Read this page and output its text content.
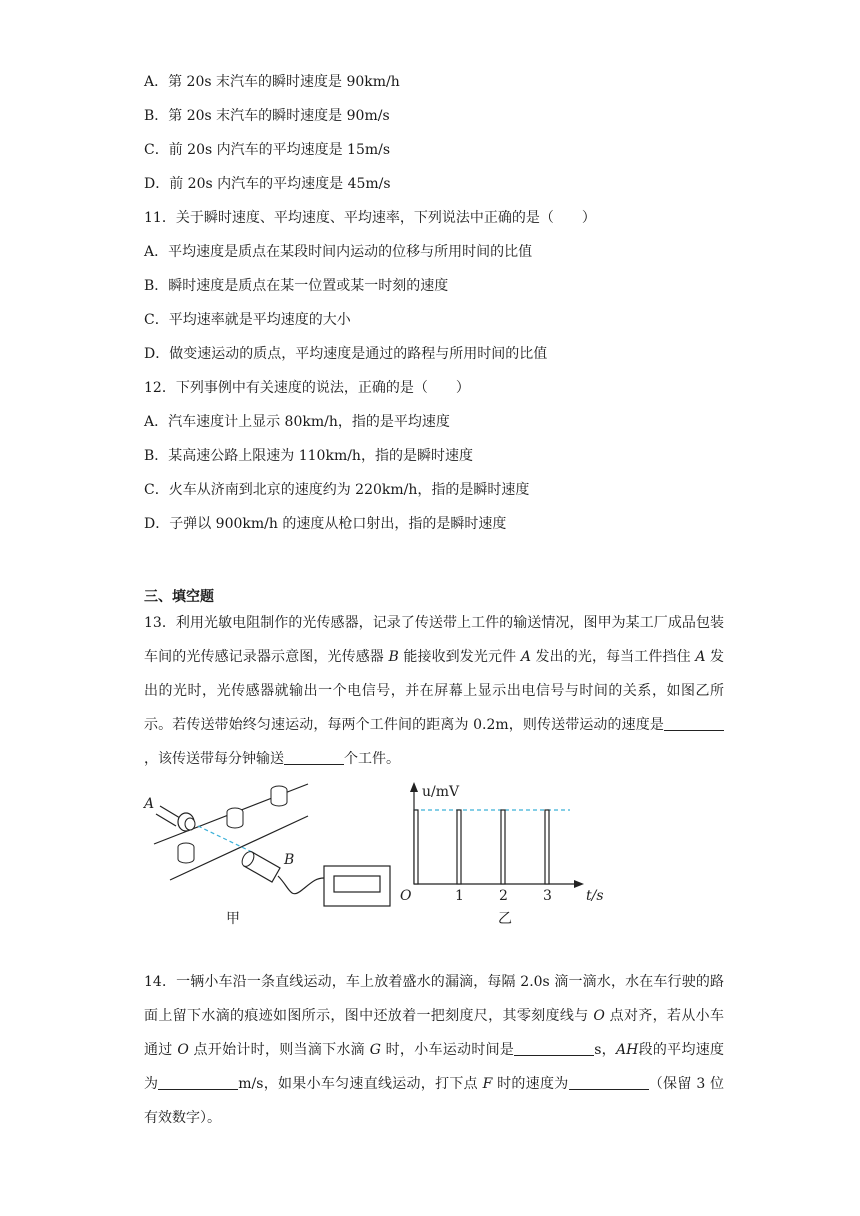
A．第 20s 末汽车的瞬时速度是 90km/h
B．第 20s 末汽车的瞬时速度是 90m/s
C．前 20s 内汽车的平均速度是 15m/s
D．前 20s 内汽车的平均速度是 45m/s
11．关于瞬时速度、平均速度、平均速率，下列说法中正确的是（　　）
A．平均速度是质点在某段时间内运动的位移与所用时间的比值
B．瞬时速度是质点在某一位置或某一时刻的速度
C．平均速率就是平均速度的大小
D．做变速运动的质点，平均速度是通过的路程与所用时间的比值
12．下列事例中有关速度的说法，正确的是（　　）
A．汽车速度计上显示 80km/h，指的是平均速度
B．某高速公路上限速为 110km/h，指的是瞬时速度
C．火车从济南到北京的速度约为 220km/h，指的是瞬时速度
D．子弹以 900km/h 的速度从枪口射出，指的是瞬时速度
三、填空题
13．利用光敏电阻制作的光传感器，记录了传送带上工件的输送情况，图甲为某工厂成品包装车间的光传感记录器示意图，光传感器 B 能接收到发光元件 A 发出的光，每当工件挡住 A 发出的光时，光传感器就输出一个电信号，并在屏幕上显示出电信号与时间的关系，如图乙所示。若传送带始终匀速运动，每两个工件间的距离为 0.2m，则传送带运动的速度是，该传送带每分钟输送	个工件。
A
B
甲
u/mV
O	1	2	3 t/s
乙
14．一辆小车沿一条直线运动，车上放着盛水的漏滴，每隔 2.0s 滴一滴水，水在车行驶的路面上留下水滴的痕迹如图所示，图中还放着一把刻度尺，其零刻度线与 O 点对齐，若从小车通过 O 点开始计时，则当滴下水滴 G 时，小车运动时间是	s，AH段的平均速度为	m/s，如果小车匀速直线运动，打下点 F 时的速度为	（保留 3 位有效数字）。
